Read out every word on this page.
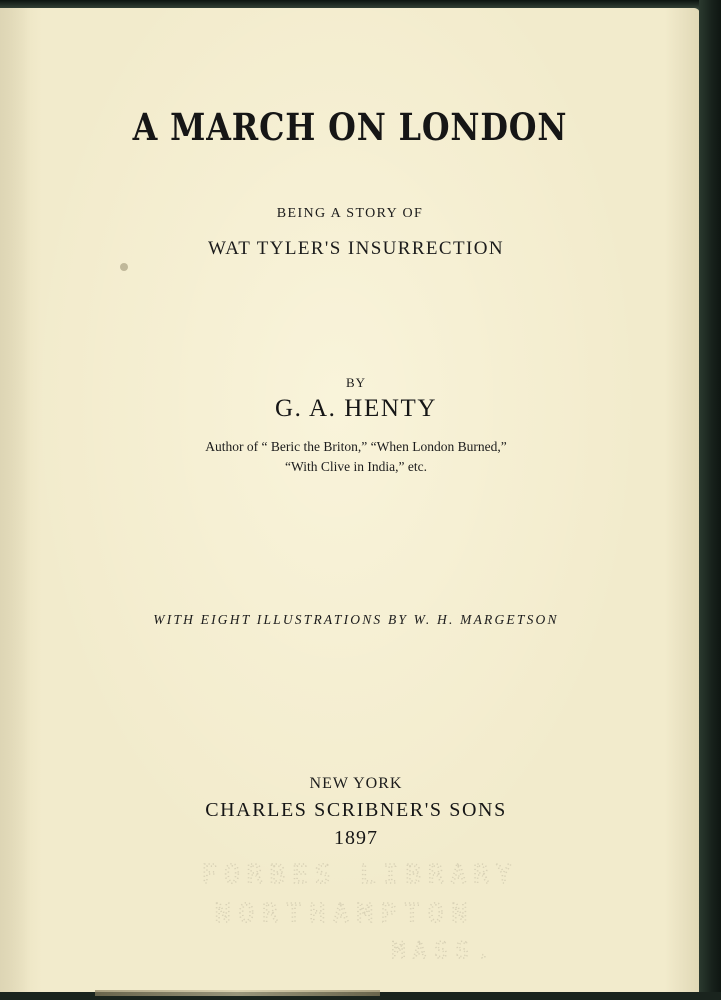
A MARCH ON LONDON
BEING A STORY OF
WAT TYLER'S INSURRECTION
BY
G. A. HENTY
Author of “ Beric the Briton,” “When London Burned,”
“With Clive in India,” etc.
WITH EIGHT ILLUSTRATIONS BY W. H. MARGETSON
NEW YORK
CHARLES SCRIBNER'S SONS
1897
FORBES LIBRARY
NORTHAMPTON
MASS.
